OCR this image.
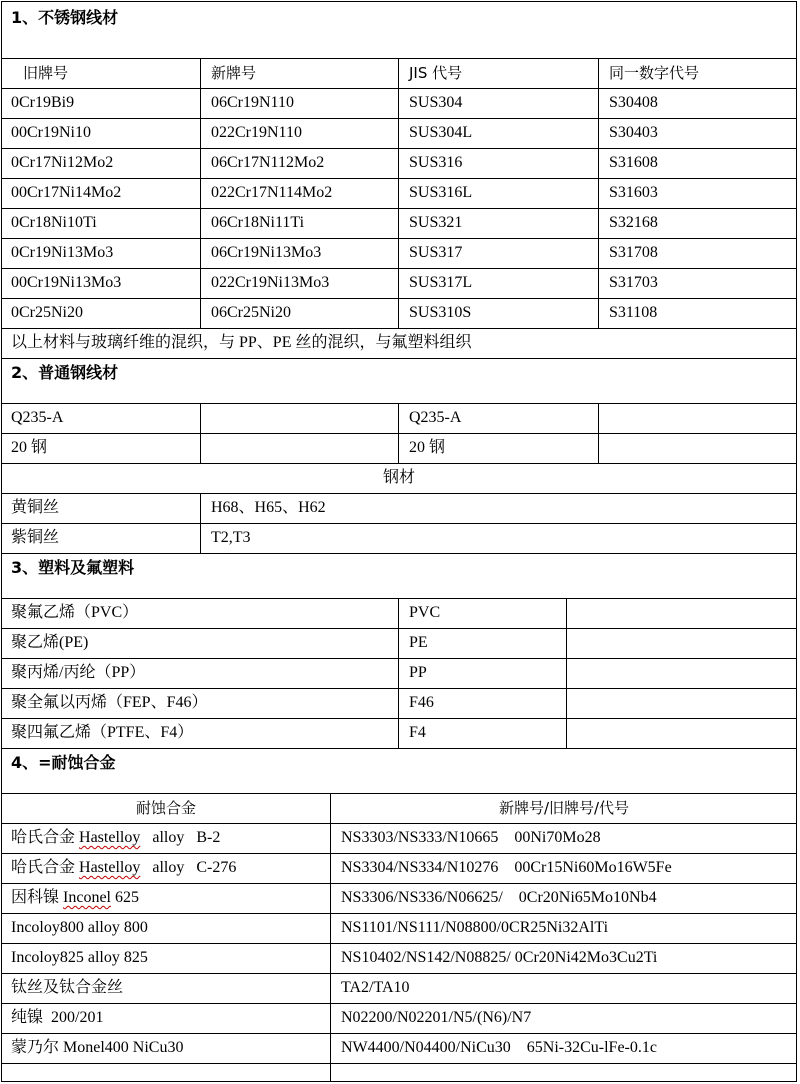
1、不锈钢线材
旧牌号	新牌号	JIS 代号	同一数字代号
0Cr19Bi9	06Cr19N110	SUS304	S30408
00Cr19Ni10	022Cr19N110	SUS304L	S30403
0Cr17Ni12Mo2	06Cr17N112Mo2	SUS316	S31608
00Cr17Ni14Mo2	022Cr17N114Mo2	SUS316L	S31603
0Cr18Ni10Ti	06Cr18Ni11Ti	SUS321	S32168
0Cr19Ni13Mo3	06Cr19Ni13Mo3	SUS317	S31708
00Cr19Ni13Mo3	022Cr19Ni13Mo3	SUS317L	S31703
0Cr25Ni20	06Cr25Ni20	SUS310S	S31108
以上材料与玻璃纤维的混织，与 PP、PE 丝的混织，与氟塑料组织
2、普通钢线材
Q235-A	Q235-A
20 钢	20 钢
钢材
黄铜丝	H68、H65、H62
紫铜丝	T2,T3
3、塑料及氟塑料
聚氟乙烯（PVC）	PVC
聚乙烯(PE)	PE
聚丙烯/丙纶（PP）	PP
聚全氟以丙烯（FEP、F46）	F46
聚四氟乙烯（PTFE、F4）	F4
4、=耐蚀合金
耐蚀合金	新牌号/旧牌号/代号
哈氏合金 Hastelloy   alloy   B-2	NS3303/NS333/N10665    00Ni70Mo28
哈氏合金 Hastelloy   alloy   C-276	NS3304/NS334/N10276    00Cr15Ni60Mo16W5Fe
因科镍 Inconel 625	NS3306/NS336/N06625/    0Cr20Ni65Mo10Nb4
Incoloy800 alloy 800	NS1101/NS111/N08800/0CR25Ni32AlTi
Incoloy825 alloy 825	NS10402/NS142/N08825/ 0Cr20Ni42Mo3Cu2Ti
钛丝及钛合金丝	TA2/TA10
纯镍  200/201	N02200/N02201/N5/(N6)/N7
蒙乃尔 Monel400 NiCu30	NW4400/N04400/NiCu30    65Ni-32Cu-lFe-0.1c
